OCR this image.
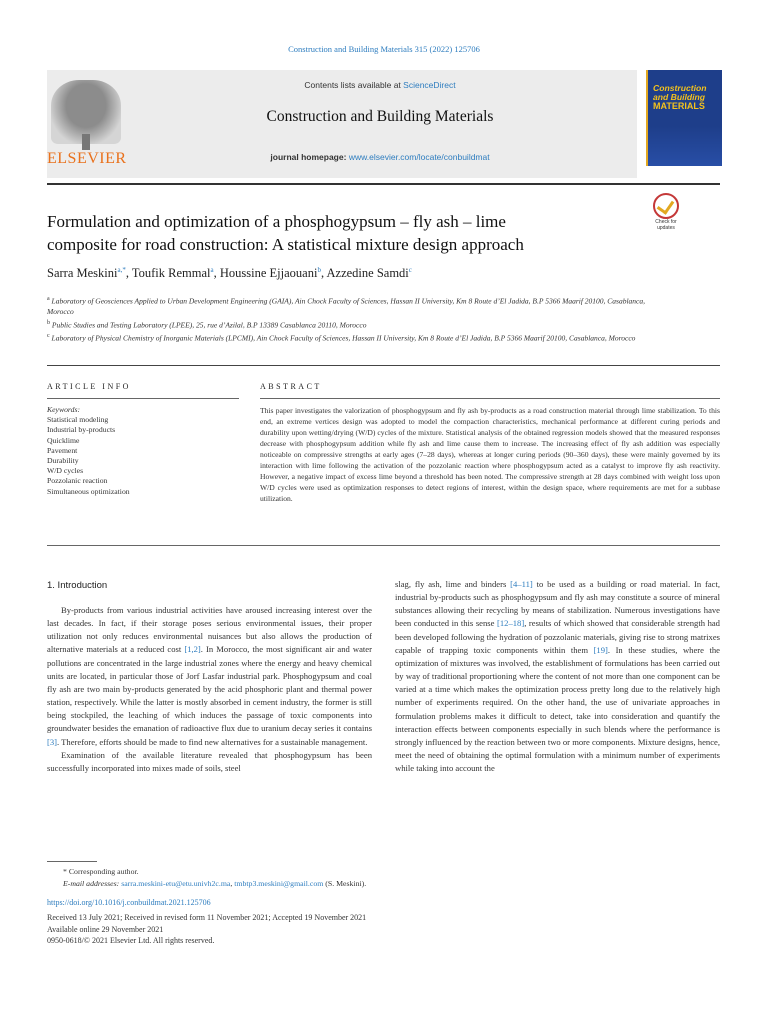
Construction and Building Materials 315 (2022) 125706
ELSEVIER
Contents lists available at ScienceDirect
Construction and Building Materials
journal homepage: www.elsevier.com/locate/conbuildmat
Construction
and Building
MATERIALS
Check for updates
Formulation and optimization of a phosphogypsum – fly ash – lime
composite for road construction: A statistical mixture design approach
Sarra Meskini$^{a,*}$, Toufik Remmal$^a$, Houssine Ejjaouani$^b$, Azzedine Samdi$^c$
$^a$ Laboratory of Geosciences Applied to Urban Development Engineering (GAIA), Ain Chock Faculty of Sciences, Hassan II University, Km 8 Route d’El Jadida, B.P 5366 Maarif 20100, Casablanca, Morocco
$^b$ Public Studies and Testing Laboratory (LPEE), 25, rue d’Azilal, B.P 13389 Casablanca 20110, Morocco
$^c$ Laboratory of Physical Chemistry of Inorganic Materials (LPCMI), Ain Chock Faculty of Sciences, Hassan II University, Km 8 Route d’El Jadida, B.P 5366 Maarif 20100, Casablanca, Morocco
ARTICLE INFO	ABSTRACT
Keywords:
Statistical modeling
Industrial by-products
Quicklime
Pavement
Durability
W/D cycles
Pozzolanic reaction
Simultaneous optimization
This paper investigates the valorization of phosphogypsum and fly ash by-products as a road construction material through lime stabilization. To this end, an extreme vertices design was adopted to model the compaction characteristics, mechanical performance at different curing periods and durability upon wetting/drying (W/D) cycles of the mixture. Statistical analysis of the obtained regression models showed that the measured responses decrease with phosphogypsum addition while fly ash and lime cause them to increase. The increasing effect of fly ash addition was especially noticeable on compressive strengths at early ages (7–28 days), whereas at longer curing periods (90–360 days), these were mainly governed by its interaction with lime following the activation of the pozzolanic reaction where phosphogypsum acted as a catalyst to improve fly ash reactivity. However, a negative impact of excess lime beyond a threshold has been noted. The compressive strength at 28 days combined with weight loss upon W/D cycles were used as optimization responses to detect regions of interest, within the design space, where requirements are met for a subbase utilization.
1. Introduction

By-products from various industrial activities have aroused increasing interest over the last decades. In fact, if their storage poses serious environmental issues, their proper utilization not only reduces environmental nuisances but also allows the production of alternative materials at a reduced cost [1,2]. In Morocco, the most significant air and water pollutions are concentrated in the large industrial zones where the energy and heavy chemical units are located, in particular those of Jorf Lasfar industrial park. Phosphogypsum and coal fly ash are two main by-products generated by the acid phosphoric plant and thermal power station, respectively. While the latter is mostly absorbed in cement industry, the former is still being stockpiled, the leaching of which induces the passage of toxic components into groundwater besides the emanation of radioactive flux due to uranium decay series it contains [3]. Therefore, efforts should be made to find new alternatives for a sustainable management.

Examination of the available literature revealed that phosphogypsum has been successfully incorporated into mixes made of soils, steel

slag, fly ash, lime and binders [4–11] to be used as a building or road material. In fact, industrial by-products such as phosphogypsum and fly ash may constitute a source of mineral substances allowing their recycling by means of stabilization. Numerous investigations have been conducted in this sense [12–18], results of which showed that considerable strength had been developed following the hydration of pozzolanic materials, giving rise to strong matrixes capable of trapping toxic components within them [19]. In these studies, where the optimization of mixtures was involved, the establishment of formulations has been carried out by way of traditional proportioning where the content of not more than one component can be varied at a time which makes the optimization process pretty long due to the relatively high number of experiments required. On the other hand, the use of univariate approaches in formulation problems makes it difficult to detect, take into consideration and quantify the interaction effects between components especially in such blends where the performance is strongly influenced by the reaction between two or more components. Mixture designs, hence, meet the need of obtaining the optimal formulation with a minimum number of experiments while taking into account the
* Corresponding author.
E-mail addresses: sarra.meskini-etu@etu.univh2c.ma, tmbtp3.meskini@gmail.com (S. Meskini).
https://doi.org/10.1016/j.conbuildmat.2021.125706
Received 13 July 2021; Received in revised form 11 November 2021; Accepted 19 November 2021
Available online 29 November 2021
0950-0618/© 2021 Elsevier Ltd. All rights reserved.
